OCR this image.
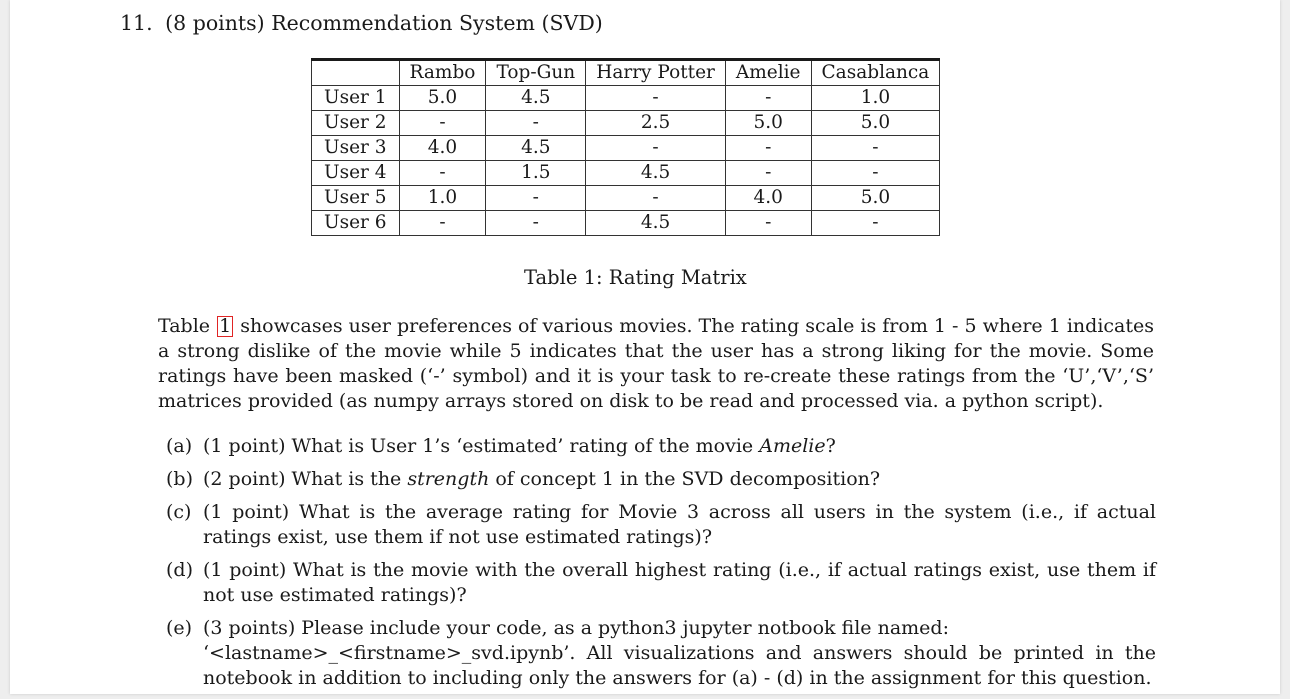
11. (8 points) Recommendation System (SVD)
	Rambo	Top-Gun	Harry Potter	Amelie	Casablanca
User 1	5.0	4.5	-	-	1.0
User 2	-	-	2.5	5.0	5.0
User 3	4.0	4.5	-	-	-
User 4	-	1.5	4.5	-	-
User 5	1.0	-	-	4.0	5.0
User 6	-	-	4.5	-	-
Table 1: Rating Matrix
Table 1 showcases user preferences of various movies. The rating scale is from 1 - 5 where 1 indicates a strong dislike of the movie while 5 indicates that the user has a strong liking for the movie. Some ratings have been masked (‘-’ symbol) and it is your task to re-create these ratings from the ‘U’,‘V’,‘S’ matrices provided (as numpy arrays stored on disk to be read and processed via. a python script).
(a) (1 point) What is User 1’s ‘estimated’ rating of the movie Amelie?
(b) (2 point) What is the strength of concept 1 in the SVD decomposition?
(c) (1 point) What is the average rating for Movie 3 across all users in the system (i.e., if actual ratings exist, use them if not use estimated ratings)?
(d) (1 point) What is the movie with the overall highest rating (i.e., if actual ratings exist, use them if not use estimated ratings)?
(e) (3 points) Please include your code, as a python3 jupyter notbook file named:
‘<lastname>_<firstname>_svd.ipynb’. All visualizations and answers should be printed in the notebook in addition to including only the answers for (a) - (d) in the assignment for this question.
